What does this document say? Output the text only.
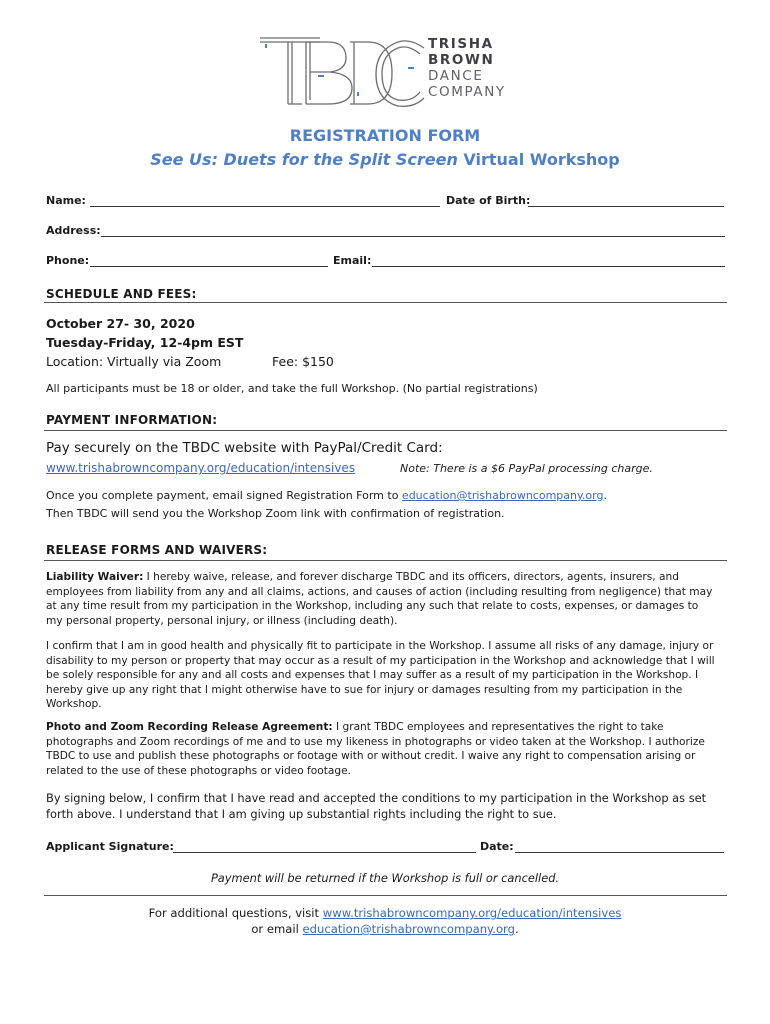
TRISHA
BROWN
DANCE
COMPANY
REGISTRATION FORM
See Us: Duets for the Split Screen Virtual Workshop
Name:	Date of Birth:
Address:
Phone:	Email:
SCHEDULE AND FEES:
October 27- 30, 2020
Tuesday-Friday, 12-4pm EST
Location: Virtually via Zoom	Fee: $150
All participants must be 18 or older, and take the full Workshop. (No partial registrations)
PAYMENT INFORMATION:
Pay securely on the TBDC website with PayPal/Credit Card:
www.trishabrowncompany.org/education/intensives	Note: There is a $6 PayPal processing charge.
Once you complete payment, email signed Registration Form to education@trishabrowncompany.org.
Then TBDC will send you the Workshop Zoom link with confirmation of registration.
RELEASE FORMS AND WAIVERS:
Liability Waiver: I hereby waive, release, and forever discharge TBDC and its officers, directors, agents, insurers, and employees from liability from any and all claims, actions, and causes of action (including resulting from negligence) that may at any time result from my participation in the Workshop, including any such that relate to costs, expenses, or damages to my personal property, personal injury, or illness (including death).
I confirm that I am in good health and physically fit to participate in the Workshop. I assume all risks of any damage, injury or disability to my person or property that may occur as a result of my participation in the Workshop and acknowledge that I will be solely responsible for any and all costs and expenses that I may suffer as a result of my participation in the Workshop. I hereby give up any right that I might otherwise have to sue for injury or damages resulting from my participation in the Workshop.
Photo and Zoom Recording Release Agreement: I grant TBDC employees and representatives the right to take photographs and Zoom recordings of me and to use my likeness in photographs or video taken at the Workshop. I authorize TBDC to use and publish these photographs or footage with or without credit. I waive any right to compensation arising or related to the use of these photographs or video footage.
By signing below, I confirm that I have read and accepted the conditions to my participation in the Workshop as set forth above. I understand that I am giving up substantial rights including the right to sue.
Applicant Signature:	Date:
Payment will be returned if the Workshop is full or cancelled.
For additional questions, visit www.trishabrowncompany.org/education/intensives
or email education@trishabrowncompany.org.
